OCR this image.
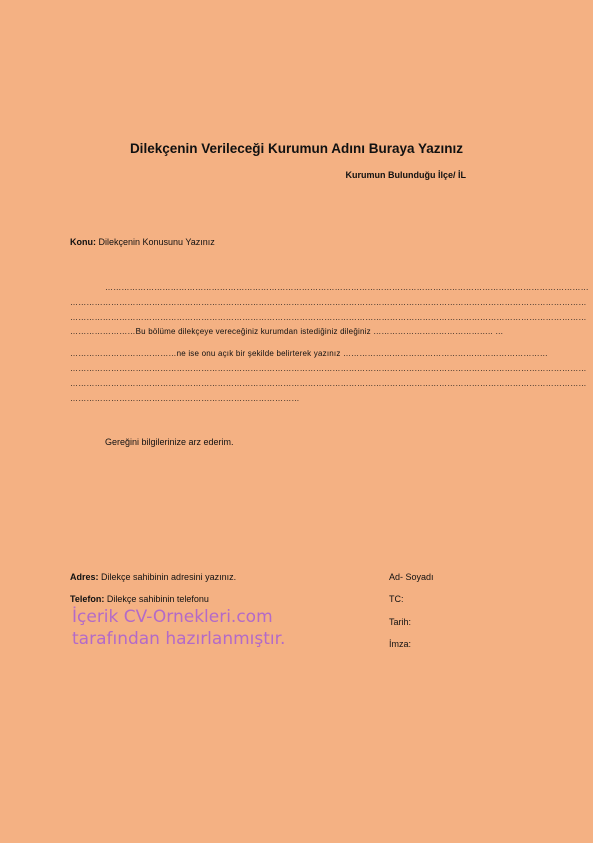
Dilekçenin Verileceği Kurumun Adını Buraya Yazınız
Kurumun Bulunduğu İlçe/ İL
Konu: Dilekçenin Konusunu Yazınız
……………………………………………………………………………………………………………………………………………………………
………………………………………………………………………………………………………………………………………………………………………
………………………………………………………………………………………………………………………………………………………………………
……………………Bu bölüme dilekçeye vereceğiniz kurumdan istediğiniz dileğiniz …………………………………….. …
…………………………………ne ise onu açık bir şekilde belirterek yazınız …………………………………………………………………
………………………………………………………………………………………………………………………………………………………………………
………………………………………………………………………………………………………………………………………………………………………
…………………………………………………………………………
Gereğini bilgilerinize arz ederim.
Adres: Dilekçe sahibinin adresini yazınız.
Telefon: Dilekçe sahibinin telefonu
Ad- Soyadı
TC:
Tarih:
İmza:
İçerik CV-Ornekleri.com
tarafından hazırlanmıştır.
